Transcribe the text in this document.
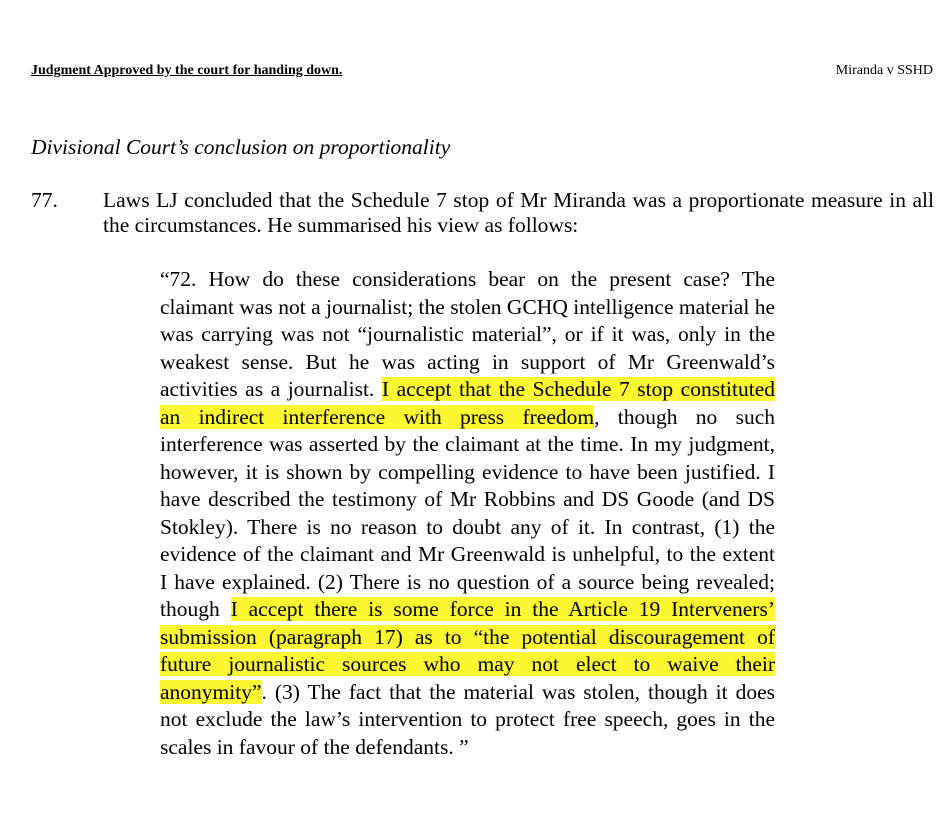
Judgment Approved by the court for handing down.	Miranda v SSHD
Divisional Court’s conclusion on proportionality
77. Laws LJ concluded that the Schedule 7 stop of Mr Miranda was a proportionate measure in all the circumstances. He summarised his view as follows:
“72. How do these considerations bear on the present case? The claimant was not a journalist; the stolen GCHQ intelligence material he was carrying was not “journalistic material”, or if it was, only in the weakest sense. But he was acting in support of Mr Greenwald’s activities as a journalist. I accept that the Schedule 7 stop constituted an indirect interference with press freedom, though no such interference was asserted by the claimant at the time. In my judgment, however, it is shown by compelling evidence to have been justified. I have described the testimony of Mr Robbins and DS Goode (and DS Stokley). There is no reason to doubt any of it. In contrast, (1) the evidence of the claimant and Mr Greenwald is unhelpful, to the extent I have explained. (2) There is no question of a source being revealed; though I accept there is some force in the Article 19 Interveners’ submission (paragraph 17) as to “the potential discouragement of future journalistic sources who may not elect to waive their anonymity”. (3) The fact that the material was stolen, though it does not exclude the law’s intervention to protect free speech, goes in the scales in favour of the defendants. ”
